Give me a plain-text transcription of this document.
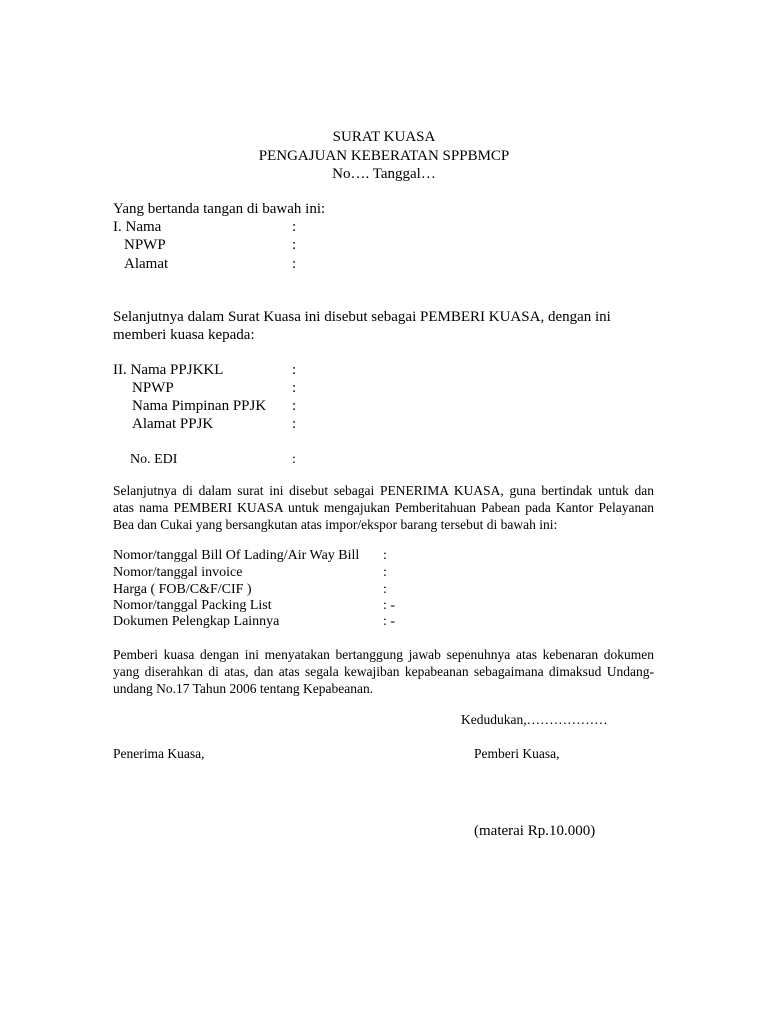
SURAT KUASA
PENGAJUAN KEBERATAN SPPBMCP
No…. Tanggal…
Yang bertanda tangan di bawah ini:
I. Nama	:
NPWP	:
Alamat	:
Selanjutnya dalam Surat Kuasa ini disebut sebagai PEMBERI KUASA, dengan ini
memberi kuasa kepada:
II. Nama PPJKKL	:
NPWP	:
Nama Pimpinan PPJK :
Alamat PPJK	:
No. EDI	:
Selanjutnya di dalam surat ini disebut sebagai PENERIMA KUASA, guna bertindak untuk dan
atas nama PEMBERI KUASA untuk mengajukan Pemberitahuan Pabean pada Kantor Pelayanan
Bea dan Cukai yang bersangkutan atas impor/ekspor barang tersebut di bawah ini:
Nomor/tanggal Bill Of Lading/Air Way Bill :
Nomor/tanggal invoice	:
Harga ( FOB/C&F/CIF )	:
Nomor/tanggal Packing List	: -
Dokumen Pelengkap Lainnya	: -
Pemberi kuasa dengan ini menyatakan bertanggung jawab sepenuhnya atas kebenaran dokumen
yang diserahkan di atas, dan atas segala kewajiban kepabeanan sebagaimana dimaksud Undang-
undang No.17 Tahun 2006 tentang Kepabeanan.
Kedudukan,………………
Penerima Kuasa,	Pemberi Kuasa,
(materai Rp.10.000)
